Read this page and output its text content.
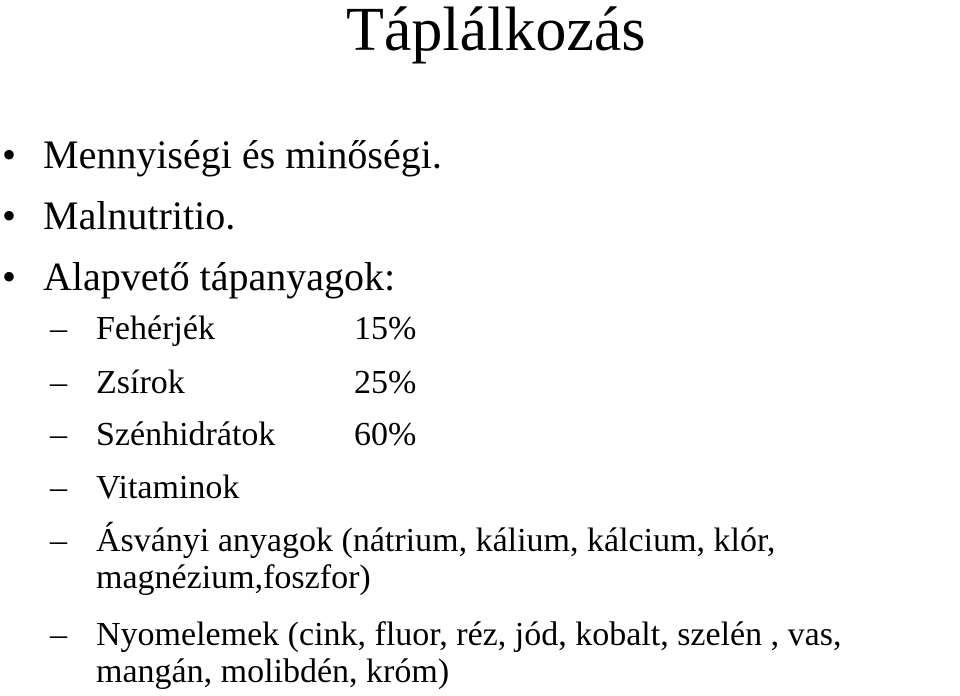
Táplálkozás
• Mennyiségi és minőségi.
• Malnutritio.
• Alapvető tápanyagok:
– Fehérjék	15%
– Zsírok	25%
– Szénhidrátok 60%
– Vitaminok
– Ásványi anyagok (nátrium, kálium, kálcium, klór,
magnézium,foszfor)
– Nyomelemek (cink, fluor, réz, jód, kobalt, szelén , vas,
mangán, molibdén, króm)
